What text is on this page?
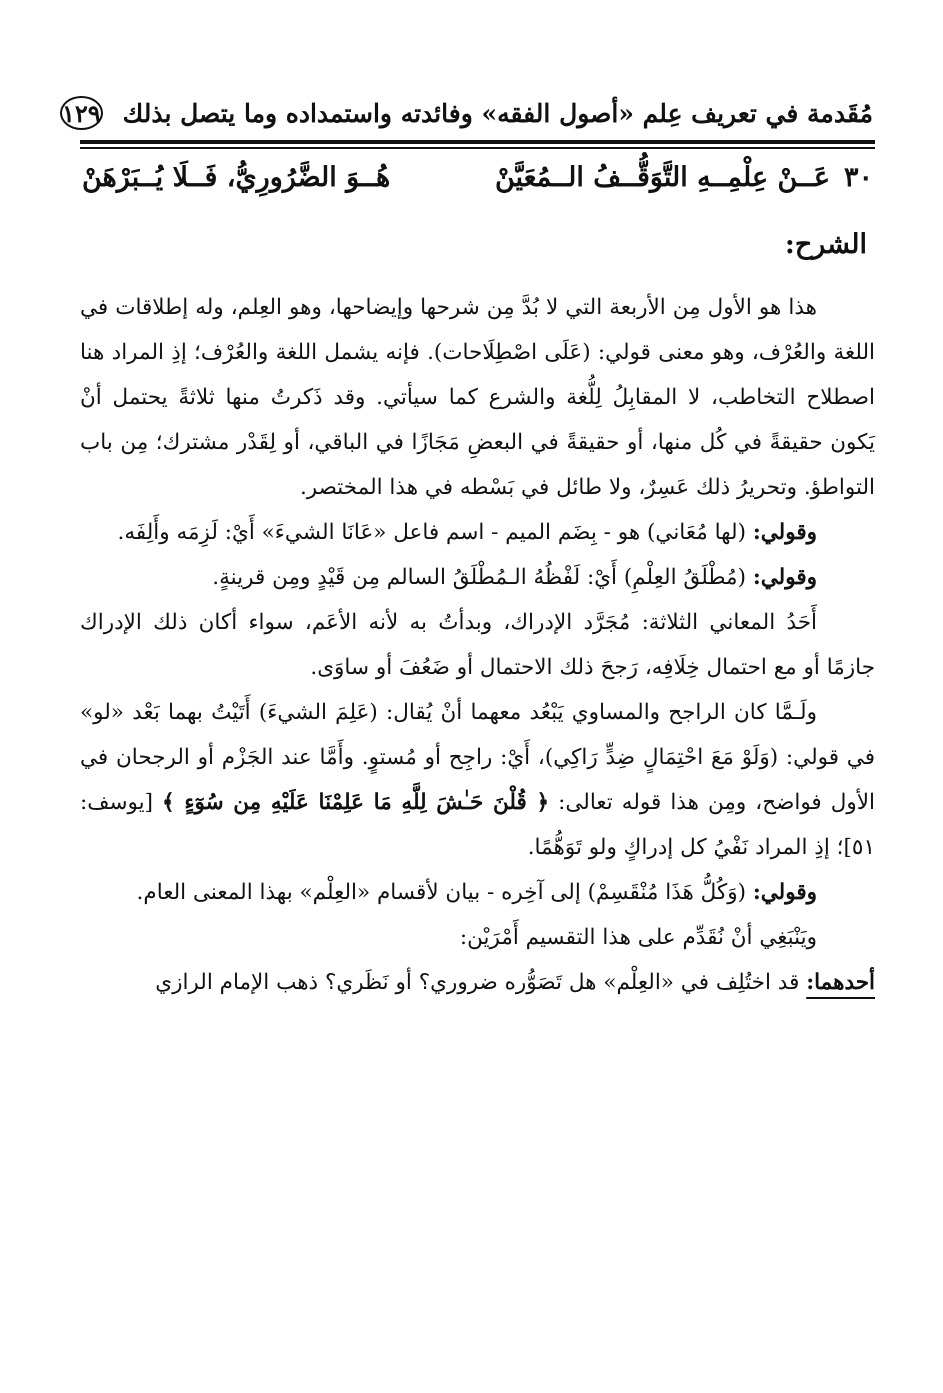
مُقَدمة في تعريف عِلم «أصول الفقه» وفائدته واستمداده وما يتصل بذلك
١٢٩
٣٠
عَــنْ عِلْمِــهِ التَّوَقُّــفُ الــمُعَيَّنْ
هُــوَ الضَّرُورِيُّ، فَــلَا يُــبَرْهَنْ
الشرح:

هذا هو الأول مِن الأربعة التي لا بُدَّ مِن شرحها وإيضاحها، وهو العِلم، وله إطلاقات في اللغة والعُرْف، وهو معنى قولي: (عَلَى اصْطِلَاحات). فإنه يشمل اللغة والعُرْف؛ إذِ المراد هنا اصطلاح التخاطب، لا المقابِلُ لِلُّغة والشرع كما سيأتي. وقد ذَكرتُ منها ثلاثةً يحتمل أنْ يَكون حقيقةً في كُل منها، أو حقيقةً في البعضِ مَجَازًا في الباقي، أو لِقَدْر مشترك؛ مِن باب التواطؤ. وتحريرُ ذلك عَسِرٌ، ولا طائل في بَسْطه في هذا المختصر.

وقولي: (لها مُعَاني) هو - بِضَم الميم - اسم فاعل «عَانَا الشيءَ» أَيْ: لَزِمَه وأَلِفَه.

وقولي: (مُطْلَقُ العِلْمِ) أَيْ: لَفْظُهُ الـمُطْلَقُ السالم مِن قَيْدٍ ومِن قرينةٍ.

أَحَدُ المعاني الثلاثة: مُجَرَّد الإدراك، وبدأتُ به لأنه الأعَم، سواء أكان ذلك الإدراك جازمًا أو مع احتمال خِلَافِه، رَجحَ ذلك الاحتمال أو ضَعُفَ أو ساوَى.

ولَـمَّا كان الراجح والمساوي يَبْعُد معهما أنْ يُقال: (عَلِمَ الشيءَ) أَتَيْتُ بهما بَعْد «لو» في قولي: (وَلَوْ مَعَ احْتِمَالٍ ضِدٍّ رَاكِي)، أَيْ: راجِح أو مُستوٍ. وأَمَّا عند الجَزْم أو الرجحان في الأول فواضح، ومِن هذا قوله تعالى: ﴿ قُلْنَ حَـٰشَ لِلَّهِ مَا عَلِمْنَا عَلَيْهِ مِن سُوٓءٍ ﴾ [يوسف: ٥١]؛ إذِ المراد نَفْيُ كل إدراكٍ ولو تَوَهُّمًا.

وقولي: (وَكُلُّ هَذَا مُنْقَسِمْ) إلى آخِره - بيان لأقسام «العِلْم» بهذا المعنى العام.

ويَنْبَغِي أنْ نُقَدِّم على هذا التقسيم أَمْرَيْن:

أحدهما: قد اختُلِف في «العِلْم» هل تَصَوُّره ضروري؟ أو نَظَري؟ ذهب الإمام الرازي
